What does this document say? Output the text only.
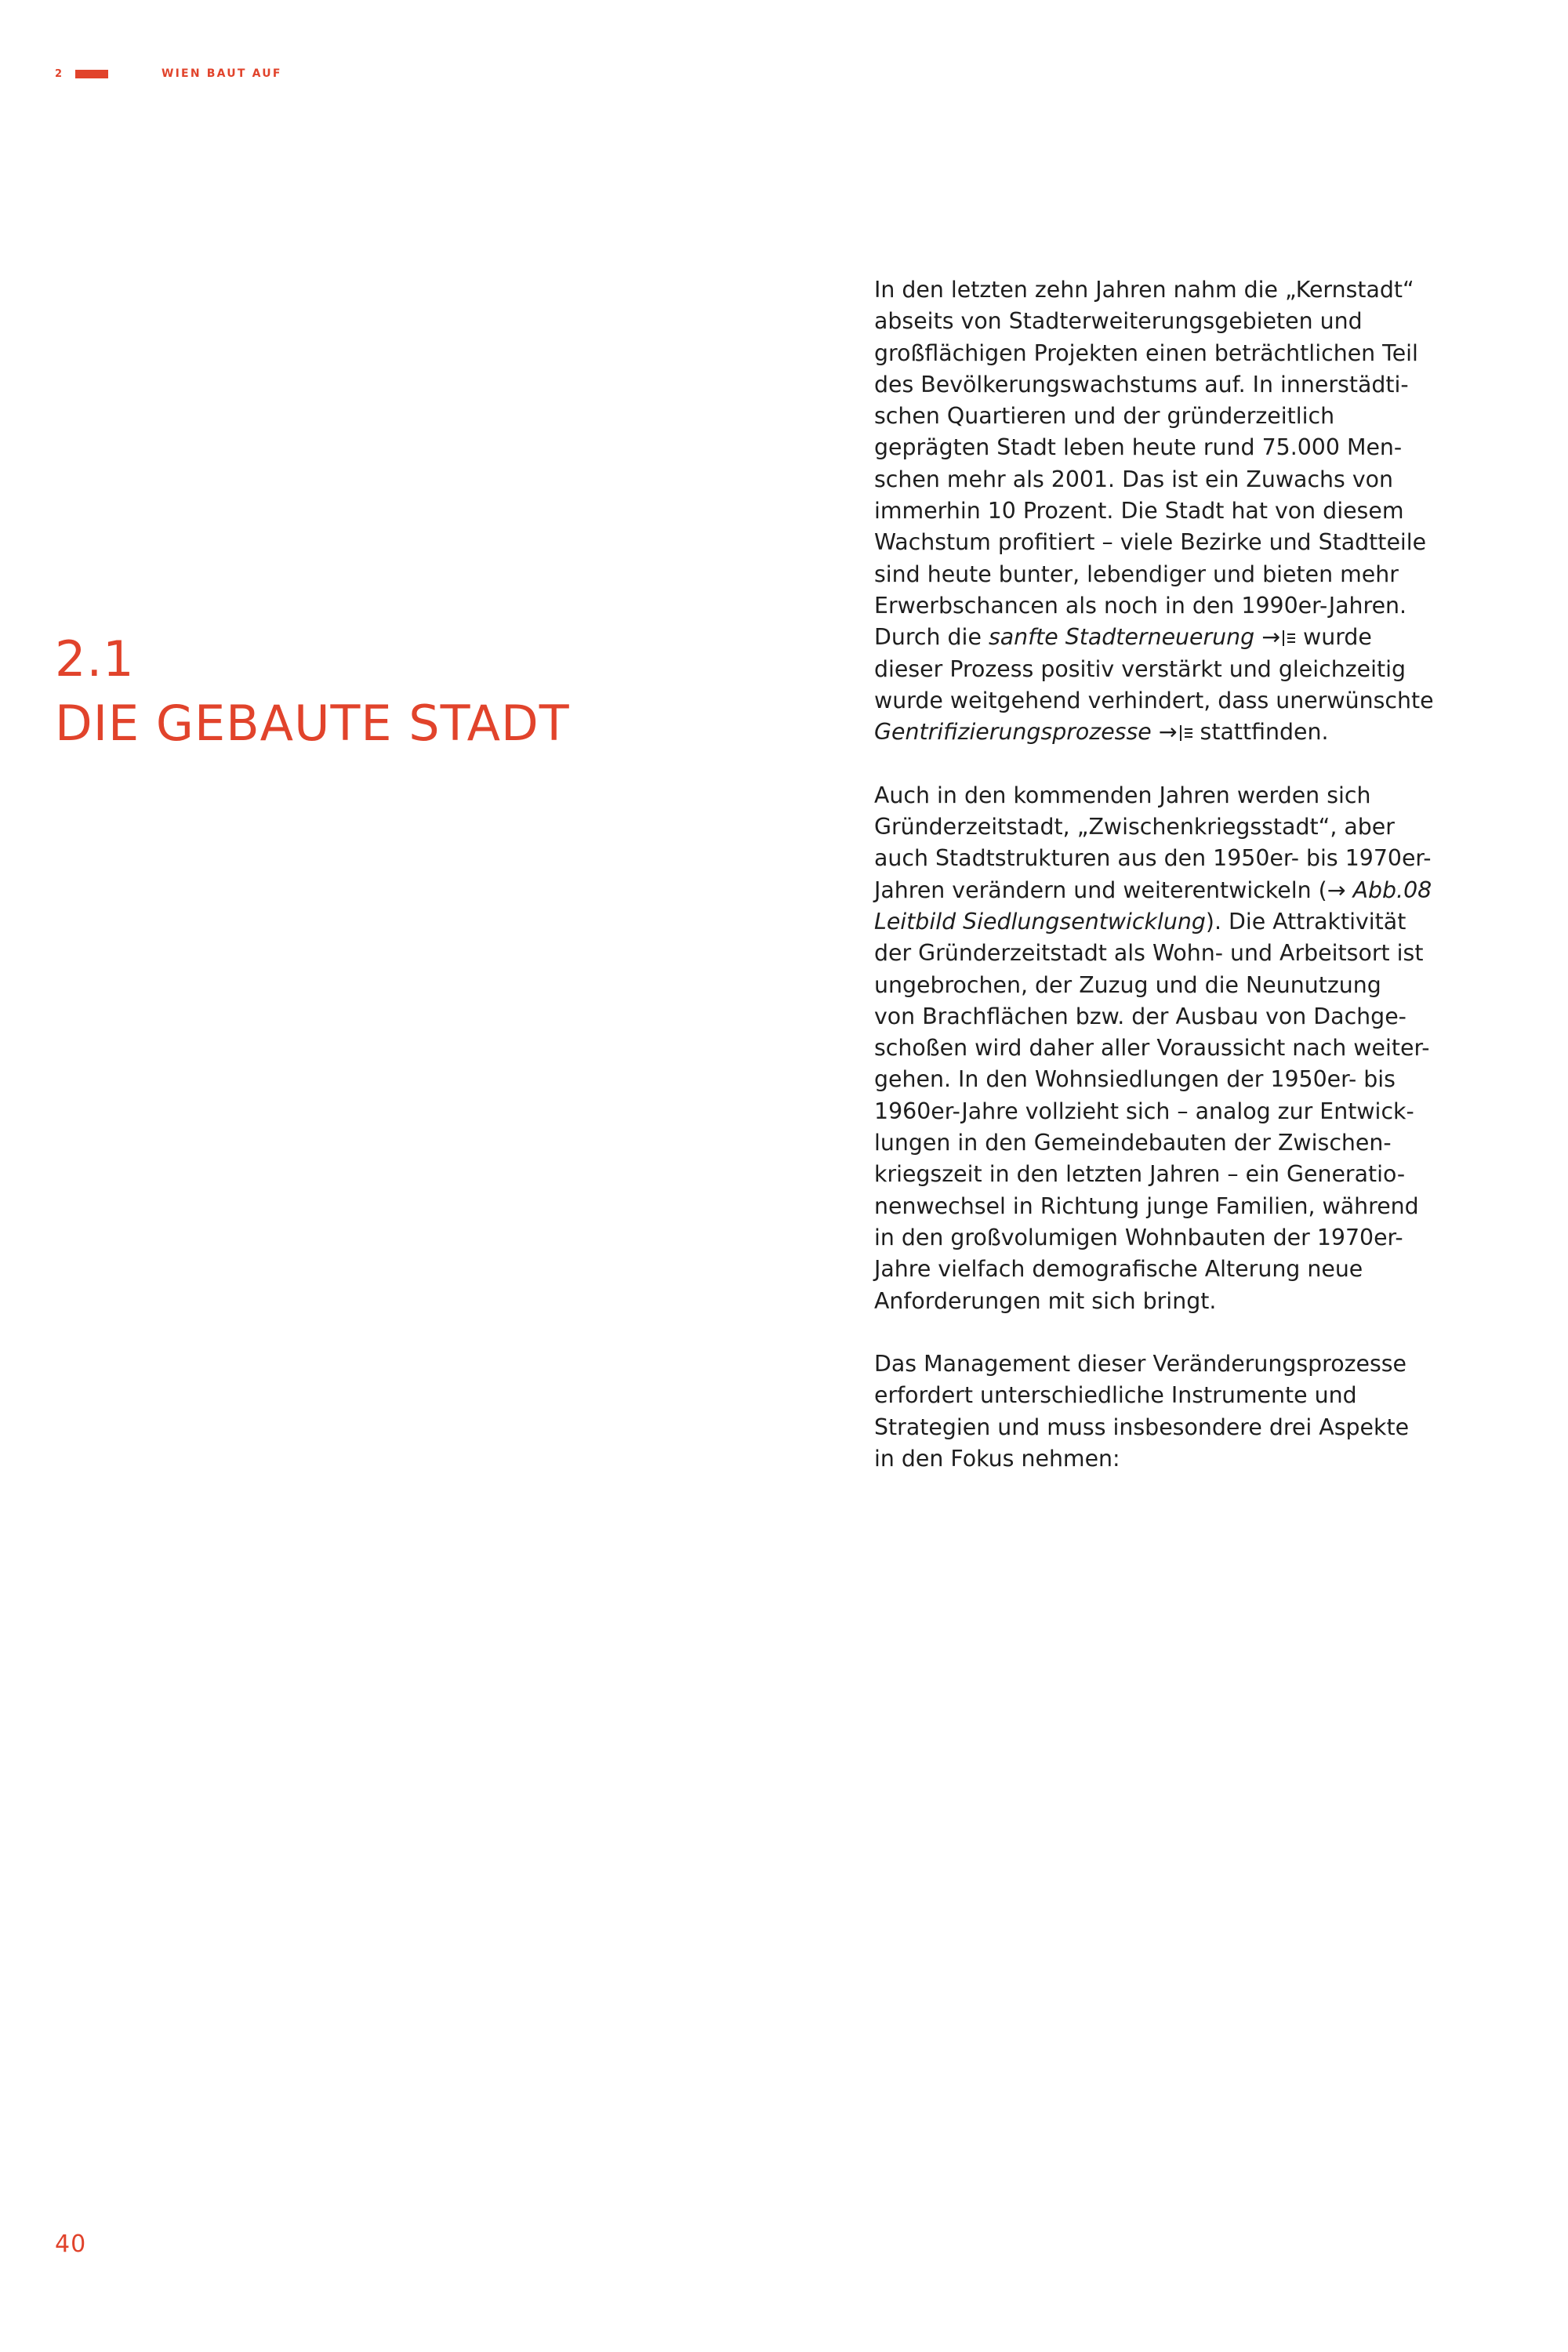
2	WIEN BAUT AUF
2.1
DIE GEBAUTE STADT

In den letzten zehn Jahren nahm die „Kernstadt“
abseits von Stadterweiterungsgebieten und
großflächigen Projekten einen beträchtlichen Teil
des Bevölkerungswachstums auf. In innerstädti-
schen Quartieren und der gründerzeitlich
geprägten Stadt leben heute rund 75.000 Men-
schen mehr als 2001. Das ist ein Zuwachs von
immerhin 10 Prozent. Die Stadt hat von diesem
Wachstum profitiert – viele Bezirke und Stadtteile
sind heute bunter, lebendiger und bieten mehr
Erwerbschancen als noch in den 1990er-Jahren.
Durch die sanfte Stadterneuerung → wurde
dieser Prozess positiv verstärkt und gleichzeitig
wurde weitgehend verhindert, dass unerwünschte
Gentrifizierungsprozesse → stattfinden.

Auch in den kommenden Jahren werden sich
Gründerzeitstadt, „Zwischenkriegsstadt“, aber
auch Stadtstrukturen aus den 1950er- bis 1970er-
Jahren verändern und weiterentwickeln (→ Abb.08
Leitbild Siedlungsentwicklung). Die Attraktivität
der Gründerzeitstadt als Wohn- und Arbeitsort ist
ungebrochen, der Zuzug und die Neunutzung
von Brachflächen bzw. der Ausbau von Dachge-
schoßen wird daher aller Voraussicht nach weiter-
gehen. In den Wohnsiedlungen der 1950er- bis
1960er-Jahre vollzieht sich – analog zur Entwick-
lungen in den Gemeindebauten der Zwischen-
kriegszeit in den letzten Jahren – ein Generatio-
nenwechsel in Richtung junge Familien, während
in den großvolumigen Wohnbauten der 1970er-
Jahre vielfach demografische Alterung neue
Anforderungen mit sich bringt.

Das Management dieser Veränderungsprozesse
erfordert unterschiedliche Instrumente und
Strategien und muss insbesondere drei Aspekte
in den Fokus nehmen:

40
